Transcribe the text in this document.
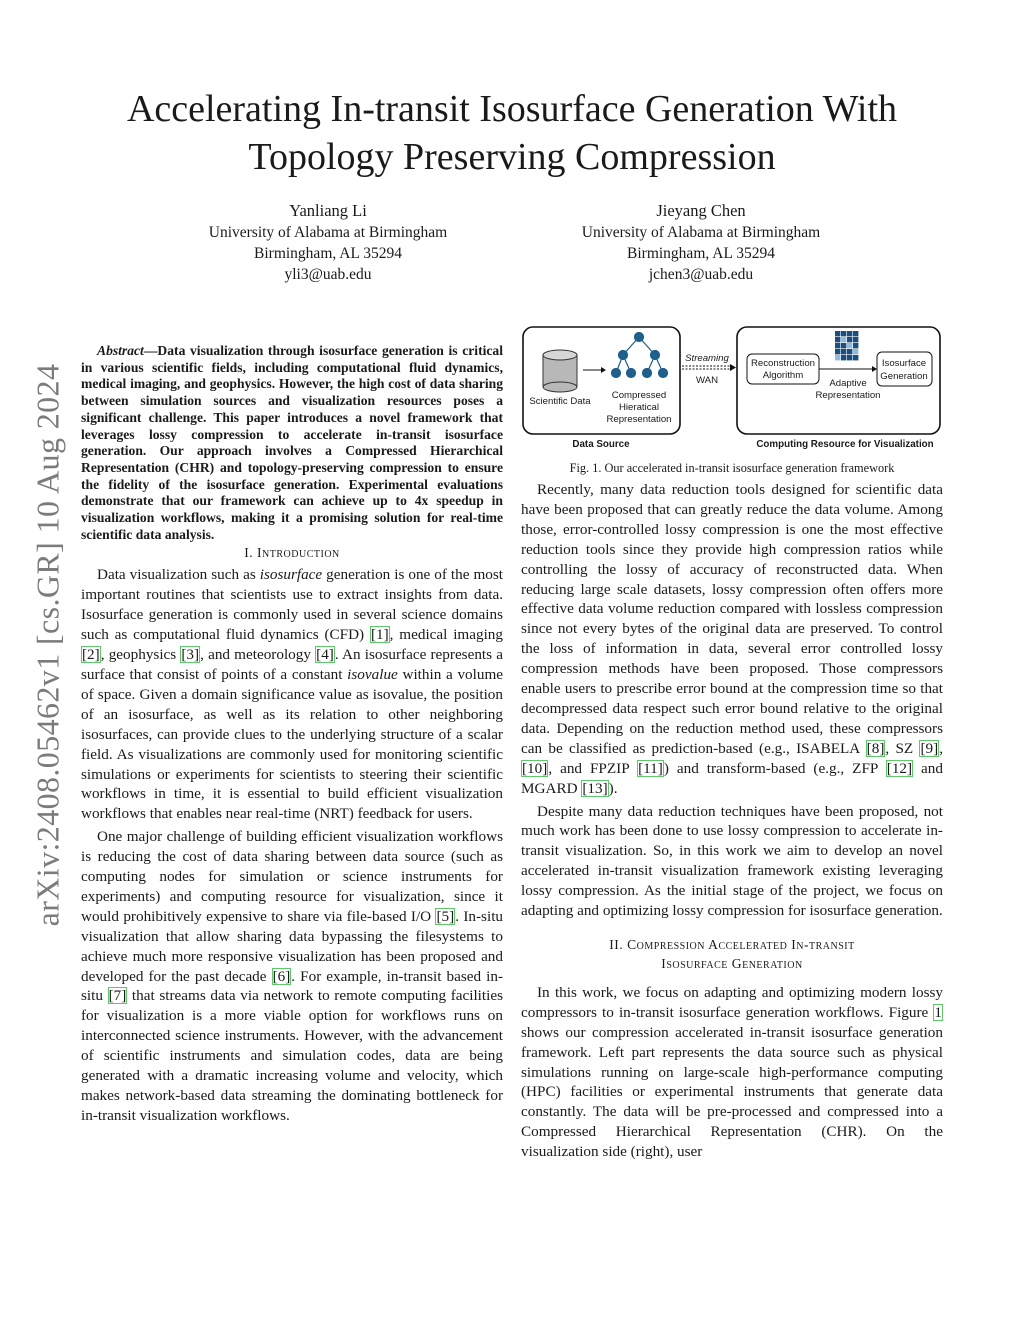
arXiv:2408.05462v1 [cs.GR] 10 Aug 2024
Accelerating In-transit Isosurface Generation With Topology Preserving Compression
Yanliang Li
University of Alabama at Birmingham
Birmingham, AL 35294
yli3@uab.edu
Jieyang Chen
University of Alabama at Birmingham
Birmingham, AL 35294
jchen3@uab.edu

Abstract—Data visualization through isosurface generation is critical in various scientific fields, including computational fluid dynamics, medical imaging, and geophysics. However, the high cost of data sharing between simulation sources and visualization resources poses a significant challenge. This paper introduces a novel framework that leverages lossy compression to accelerate in-transit isosurface generation. Our approach involves a Compressed Hierarchical Representation (CHR) and topology-preserving compression to ensure the fidelity of the isosurface generation. Experimental evaluations demonstrate that our framework can achieve up to 4x speedup in visualization workflows, making it a promising solution for real-time scientific data analysis.

I. Introduction

Data visualization such as isosurface generation is one of the most important routines that scientists use to extract insights from data. Isosurface generation is commonly used in several science domains such as computational fluid dynamics (CFD) [1], medical imaging [2], geophysics [3], and meteorology [4]. An isosurface represents a surface that consist of points of a constant isovalue within a volume of space. Given a domain significance value as isovalue, the position of an isosurface, as well as its relation to other neighboring isosurfaces, can provide clues to the underlying structure of a scalar field. As visualizations are commonly used for monitoring scientific simulations or experiments for scientists to steering their scientific workflows in time, it is essential to build efficient visualization workflows that enables near real-time (NRT) feedback for users.

One major challenge of building efficient visualization workflows is reducing the cost of data sharing between data source (such as computing nodes for simulation or science instruments for experiments) and computing resource for visualization, since it would prohibitively expensive to share via file-based I/O [5]. In-situ visualization that allow sharing data bypassing the filesystems to achieve much more responsive visualization has been proposed and developed for the past decade [6]. For example, in-transit based in-situ [7] that streams data via network to remote computing facilities for visualization is a more viable option for workflows runs on interconnected science instruments. However, with the advancement of scientific instruments and simulation codes, data are being generated with a dramatic increasing volume and velocity, which makes network-based data streaming the dominating bottleneck for in-transit visualization workflows.

Scientific Data
Compressed
Hieratical
Representation
Streaming
WAN
Reconstruction
Algorithm
Adaptive
Representation
Isosurface
Generation
Data Source	Computing Resource for Visualization
Fig. 1. Our accelerated in-transit isosurface generation framework

Recently, many data reduction tools designed for scientific data have been proposed that can greatly reduce the data volume. Among those, error-controlled lossy compression is one the most effective reduction tools since they provide high compression ratios while controlling the lossy of accuracy of reconstructed data. When reducing large scale datasets, lossy compression often offers more effective data volume reduction compared with lossless compression since not every bytes of the original data are preserved. To control the loss of information in data, several error controlled lossy compression methods have been proposed. Those compressors enable users to prescribe error bound at the compression time so that decompressed data respect such error bound relative to the original data. Depending on the reduction method used, these compressors can be classified as prediction-based (e.g., ISABELA [8], SZ [9], [10], and FPZIP [11]) and transform-based (e.g., ZFP [12] and MGARD [13]).

Despite many data reduction techniques have been proposed, not much work has been done to use lossy compression to accelerate in-transit visualization. So, in this work we aim to develop an novel accelerated in-transit visualization framework existing leveraging lossy compression. As the initial stage of the project, we focus on adapting and optimizing lossy compression for isosurface generation.

II. Compression Accelerated In-transit
Isosurface Generation

In this work, we focus on adapting and optimizing modern lossy compressors to in-transit isosurface generation workflows. Figure 1 shows our compression accelerated in-transit isosurface generation framework. Left part represents the data source such as physical simulations running on large-scale high-performance computing (HPC) facilities or experimental instruments that generate data constantly. The data will be pre-processed and compressed into a Compressed Hierarchical Representation (CHR). On the visualization side (right), user
